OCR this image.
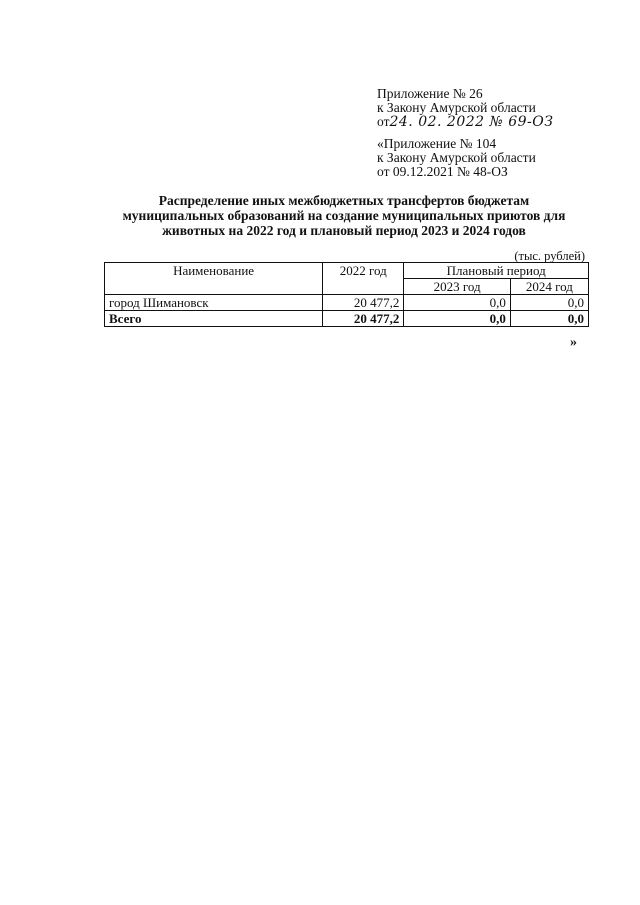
Приложение № 26
к Закону Амурской области
от24. 02. 2022 № 69-ОЗ
«Приложение № 104
к Закону Амурской области
от 09.12.2021 № 48-ОЗ
Распределение иных межбюджетных трансфертов бюджетам
муниципальных образований на создание муниципальных приютов для
животных на 2022 год и плановый период 2023 и 2024 годов
(тыс. рублей)
Наименование	2022 год	Плановый период	
		2023 год	2024 год
город Шимановск	20 477,2	0,0	0,0
Всего	20 477,2	0,0	0,0
»
